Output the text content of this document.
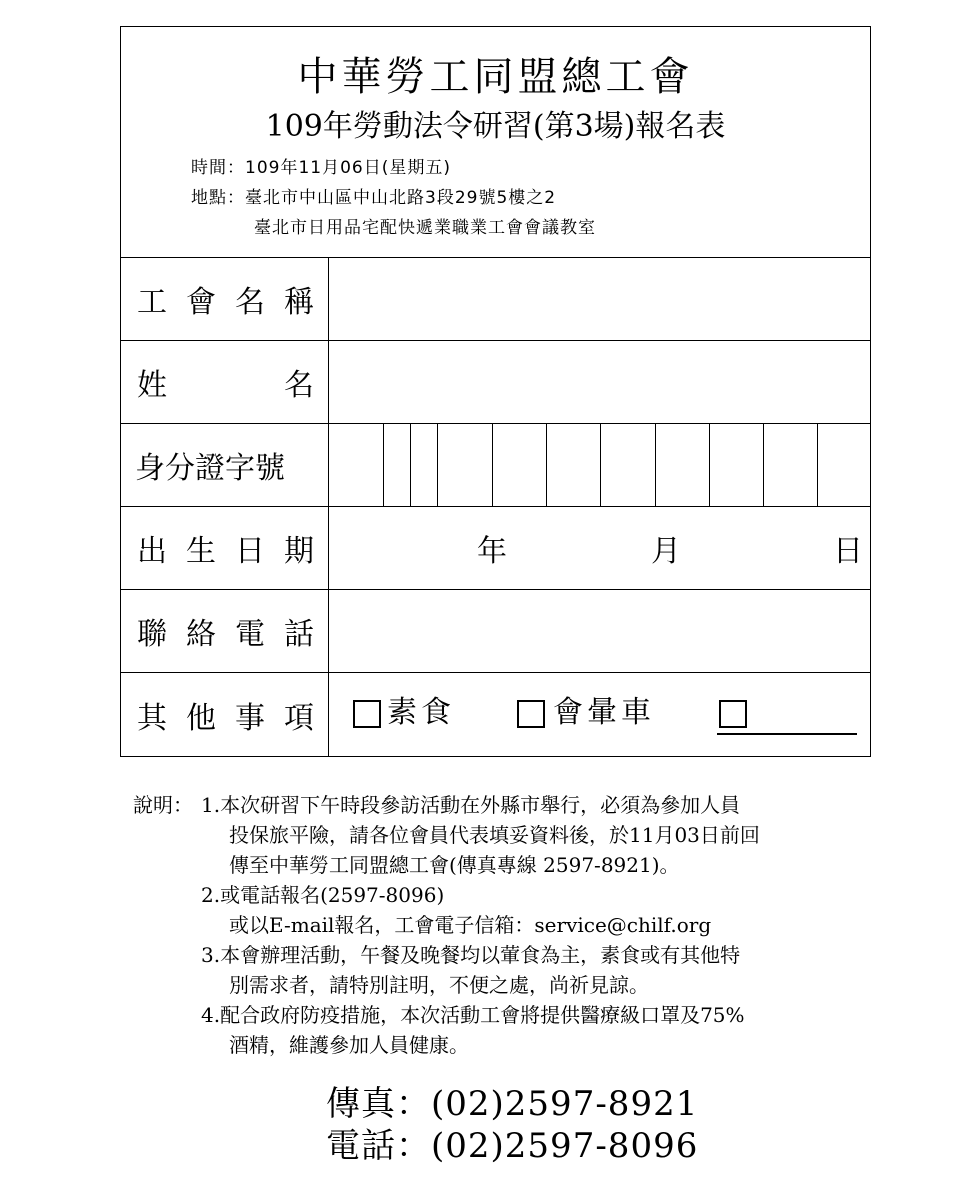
中華勞工同盟總工會
109年勞動法令研習(第3場)報名表
時間：109年11月06日(星期五)
地點：臺北市中山區中山北路3段29號5樓之2
臺北市日用品宅配快遞業職業工會會議教室
工 會 名 稱
姓	名
身分證字號
出 生 日 期	年	月	日
聯 絡 電 話
其 他 事 項 素食	會暈車
說明： 1.本次研習下午時段參訪活動在外縣市舉行，必須為參加人員
投保旅平險，請各位會員代表填妥資料後，於11月03日前回
傳至中華勞工同盟總工會(傳真專線 2597-8921)。
2.或電話報名(2597-8096)
或以E-mail報名，工會電子信箱：service@chilf.org
3.本會辦理活動，午餐及晚餐均以葷食為主，素食或有其他特
別需求者，請特別註明，不便之處，尚祈見諒。
4.配合政府防疫措施，本次活動工會將提供醫療級口罩及75%
酒精，維護參加人員健康。
傳真：(02)2597-8921
電話：(02)2597-8096
